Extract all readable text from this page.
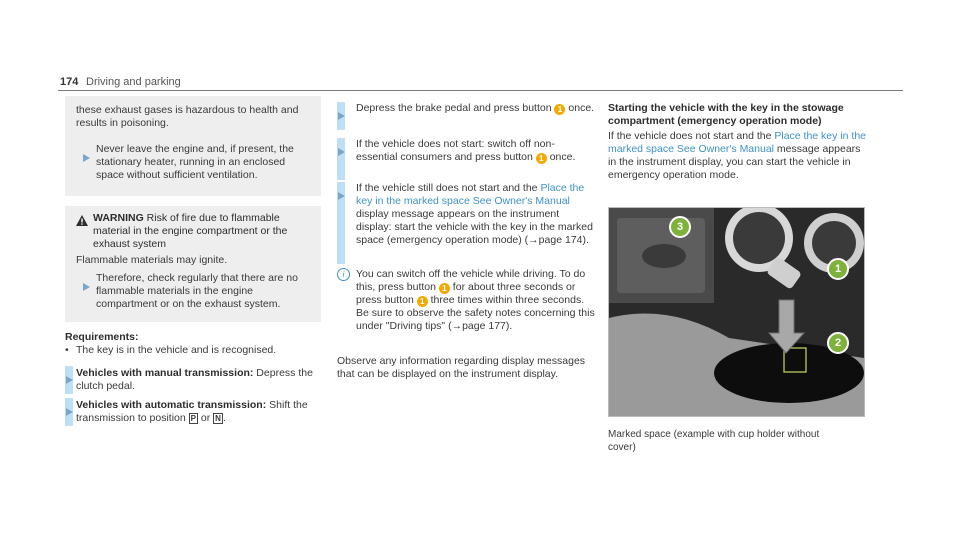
174 Driving and parking
these exhaust gases is hazardous to health and results in poisoning.
Never leave the engine and, if present, the stationary heater, running in an enclosed space without sufficient ventilation.
WARNING Risk of fire due to flammable material in the engine compartment or the exhaust system
Flammable materials may ignite.
Therefore, check regularly that there are no flammable materials in the engine compartment or on the exhaust system.
Requirements:
• The key is in the vehicle and is recognised.
Vehicles with manual transmission: Depress the clutch pedal.
Vehicles with automatic transmission: Shift the transmission to position P or N .
Depress the brake pedal and press button 1 once.
If the vehicle does not start: switch off non-essential consumers and press button 1 once.
If the vehicle still does not start and the Place the key in the marked space See Owner's Manual display message appears on the instrument display: start the vehicle with the key in the marked space (emergency operation mode) (→page 174).
i	You can switch off the vehicle while driving. To do this, press button 1 for about three seconds or press button 1 three times within three seconds. Be sure to observe the safety notes concerning this under "Driving tips" (→page 177).
Observe any information regarding display messages that can be displayed on the instrument display.
Starting the vehicle with the key in the stowage compartment (emergency operation mode)
If the vehicle does not start and the Place the key in the marked space See Owner's Manual message appears in the instrument display, you can start the vehicle in emergency operation mode.
3
1
2
Marked space (example with cup holder without cover)
